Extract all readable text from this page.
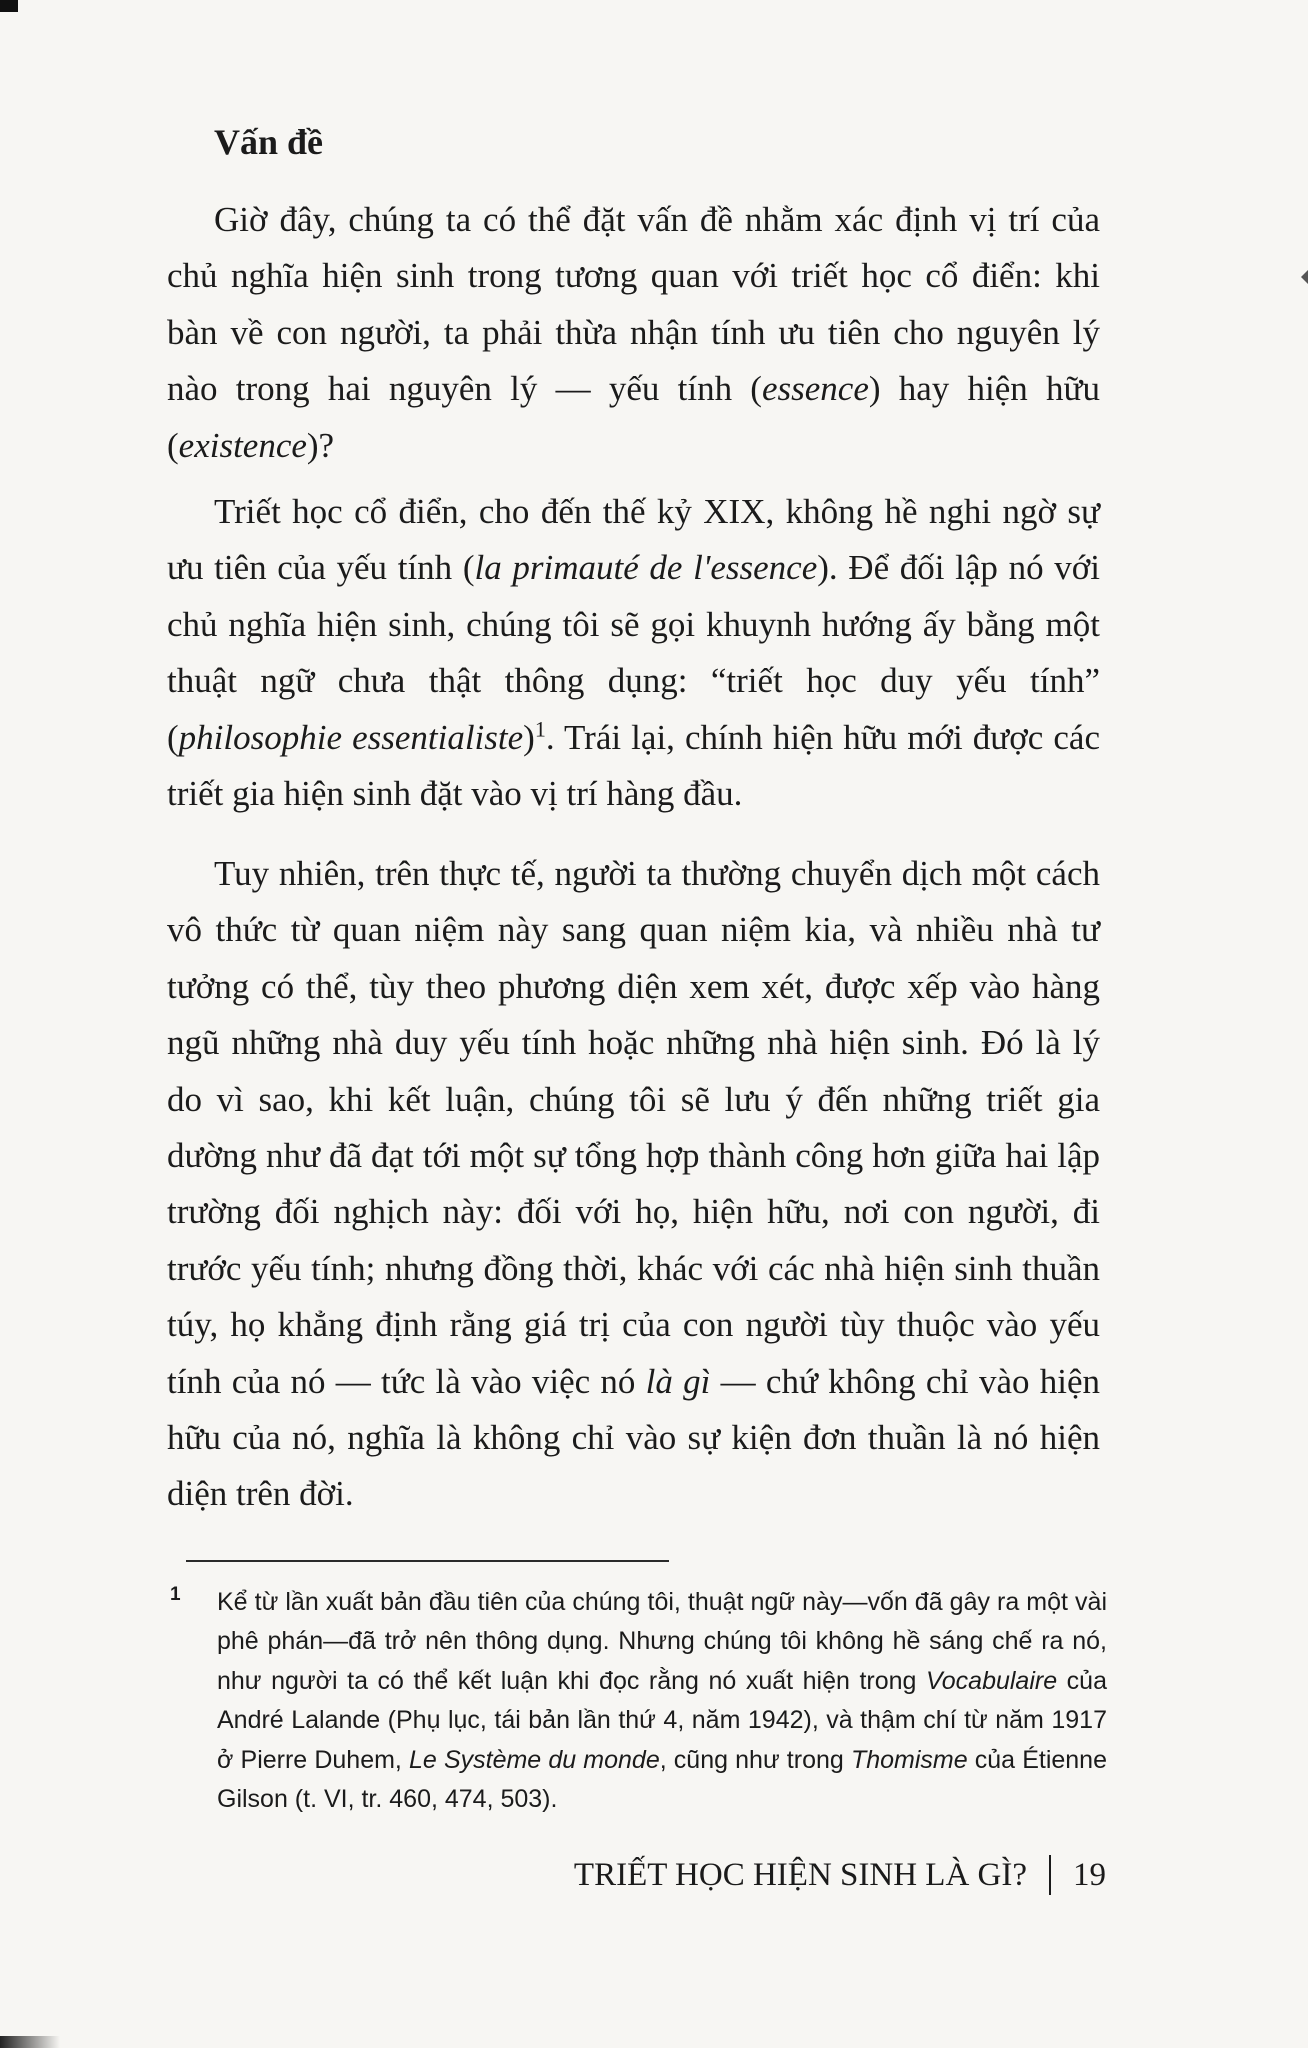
Vấn đề

Giờ đây, chúng ta có thể đặt vấn đề nhằm xác định vị trí của chủ nghĩa hiện sinh trong tương quan với triết học cổ điển: khi bàn về con người, ta phải thừa nhận tính ưu tiên cho nguyên lý nào trong hai nguyên lý — yếu tính (essence) hay hiện hữu (existence)?

Triết học cổ điển, cho đến thế kỷ XIX, không hề nghi ngờ sự ưu tiên của yếu tính (la primauté de l'essence). Để đối lập nó với chủ nghĩa hiện sinh, chúng tôi sẽ gọi khuynh hướng ấy bằng một thuật ngữ chưa thật thông dụng: “triết học duy yếu tính” (philosophie essentialiste)$^1$. Trái lại, chính hiện hữu mới được các triết gia hiện sinh đặt vào vị trí hàng đầu.

Tuy nhiên, trên thực tế, người ta thường chuyển dịch một cách vô thức từ quan niệm này sang quan niệm kia, và nhiều nhà tư tưởng có thể, tùy theo phương diện xem xét, được xếp vào hàng ngũ những nhà duy yếu tính hoặc những nhà hiện sinh. Đó là lý do vì sao, khi kết luận, chúng tôi sẽ lưu ý đến những triết gia dường như đã đạt tới một sự tổng hợp thành công hơn giữa hai lập trường đối nghịch này: đối với họ, hiện hữu, nơi con người, đi trước yếu tính; nhưng đồng thời, khác với các nhà hiện sinh thuần túy, họ khẳng định rằng giá trị của con người tùy thuộc vào yếu tính của nó — tức là vào việc nó là gì — chứ không chỉ vào hiện hữu của nó, nghĩa là không chỉ vào sự kiện đơn thuần là nó hiện diện trên đời.

1 Kể từ lần xuất bản đầu tiên của chúng tôi, thuật ngữ này—vốn đã gây ra một vài phê phán—đã trở nên thông dụng. Nhưng chúng tôi không hề sáng chế ra nó, như người ta có thể kết luận khi đọc rằng nó xuất hiện trong Vocabulaire của André Lalande (Phụ lục, tái bản lần thứ 4, năm 1942), và thậm chí từ năm 1917 ở Pierre Duhem, Le Système du monde, cũng như trong Thomisme của Étienne Gilson (t. VI, tr. 460, 474, 503).
TRIẾT HỌC HIỆN SINH LÀ GÌ? 19
